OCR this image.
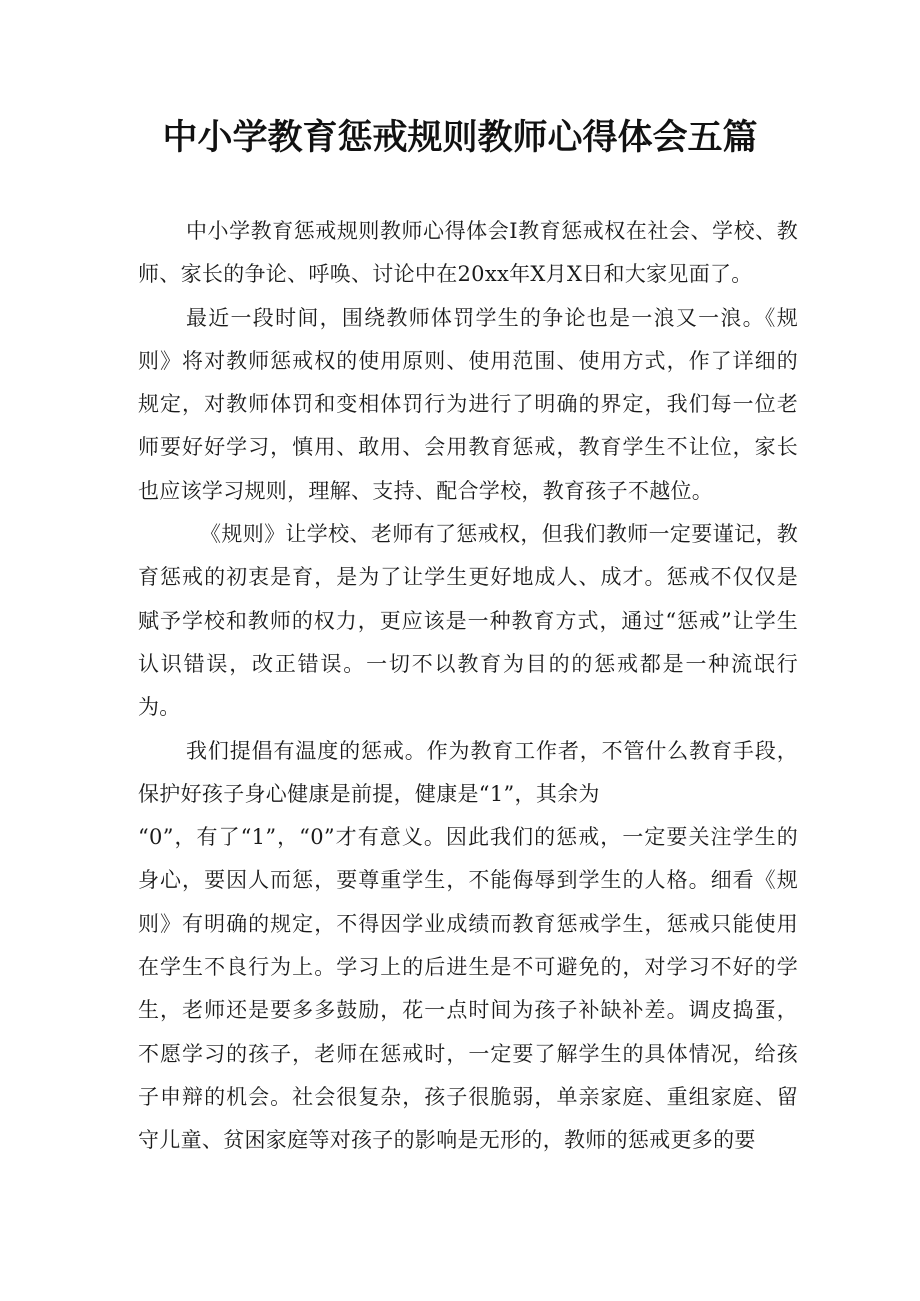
中小学教育惩戒规则教师心得体会五篇

中小学教育惩戒规则教师心得体会Ⅰ教育惩戒权在社会、学校、教师、家长的争论、呼唤、讨论中在20xx年X月X日和大家见面了。

最近一段时间，围绕教师体罚学生的争论也是一浪又一浪。《规则》将对教师惩戒权的使用原则、使用范围、使用方式，作了详细的规定，对教师体罚和变相体罚行为进行了明确的界定，我们每一位老师要好好学习，慎用、敢用、会用教育惩戒，教育学生不让位，家长也应该学习规则，理解、支持、配合学校，教育孩子不越位。

《规则》让学校、老师有了惩戒权，但我们教师一定要谨记，教育惩戒的初衷是育，是为了让学生更好地成人、成才。惩戒不仅仅是赋予学校和教师的权力，更应该是一种教育方式，通过“惩戒”让学生认识错误，改正错误。一切不以教育为目的的惩戒都是一种流氓行为。

我们提倡有温度的惩戒。作为教育工作者，不管什么教育手段，保护好孩子身心健康是前提，健康是“1”，其余为

“0”，有了“1”，“0”才有意义。因此我们的惩戒，一定要关注学生的身心，要因人而惩，要尊重学生，不能侮辱到学生的人格。细看《规则》有明确的规定，不得因学业成绩而教育惩戒学生，惩戒只能使用在学生不良行为上。学习上的后进生是不可避免的，对学习不好的学生，老师还是要多多鼓励，花一点时间为孩子补缺补差。调皮捣蛋，不愿学习的孩子，老师在惩戒时，一定要了解学生的具体情况，给孩子申辩的机会。社会很复杂，孩子很脆弱，单亲家庭、重组家庭、留守儿童、贫困家庭等对孩子的影响是无形的，教师的惩戒更多的要
